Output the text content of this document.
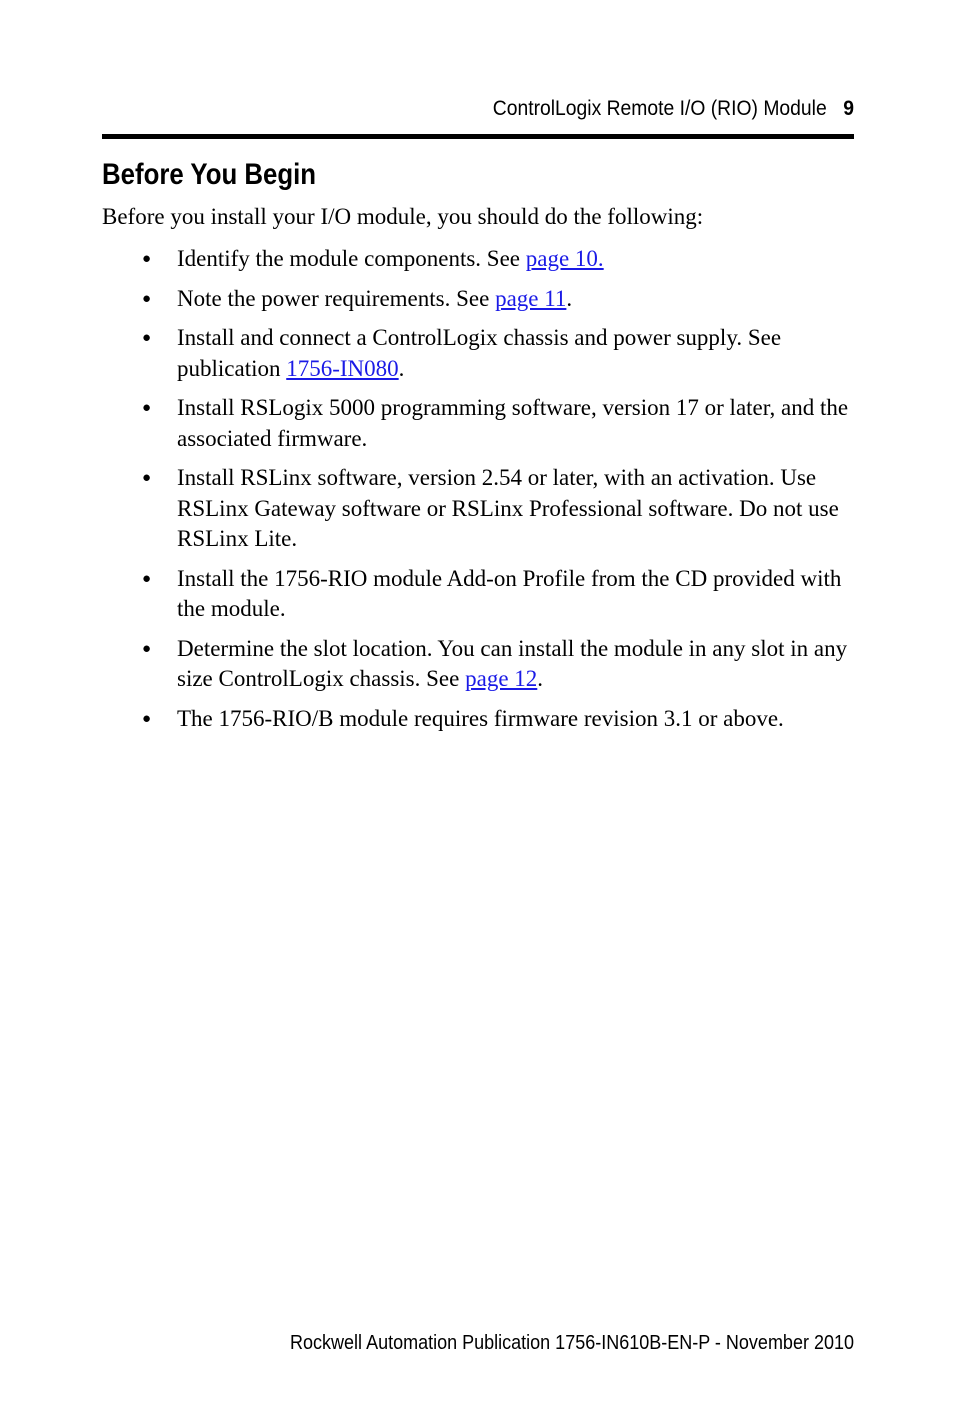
ControlLogix Remote I/O (RIO) Module 9
Before You Begin

Before you install your I/O module, you should do the following:

● Identify the module components. See page 10.
● Note the power requirements. See page 11.
● Install and connect a ControlLogix chassis and power supply. See publication 1756-IN080.
● Install RSLogix 5000 programming software, version 17 or later, and the associated firmware.
● Install RSLinx software, version 2.54 or later, with an activation. Use RSLinx Gateway software or RSLinx Professional software. Do not use RSLinx Lite.
● Install the 1756-RIO module Add-on Profile from the CD provided with the module.
● Determine the slot location. You can install the module in any slot in any size ControlLogix chassis. See page 12.
● The 1756-RIO/B module requires firmware revision 3.1 or above.
Rockwell Automation Publication 1756-IN610B-EN-P - November 2010
